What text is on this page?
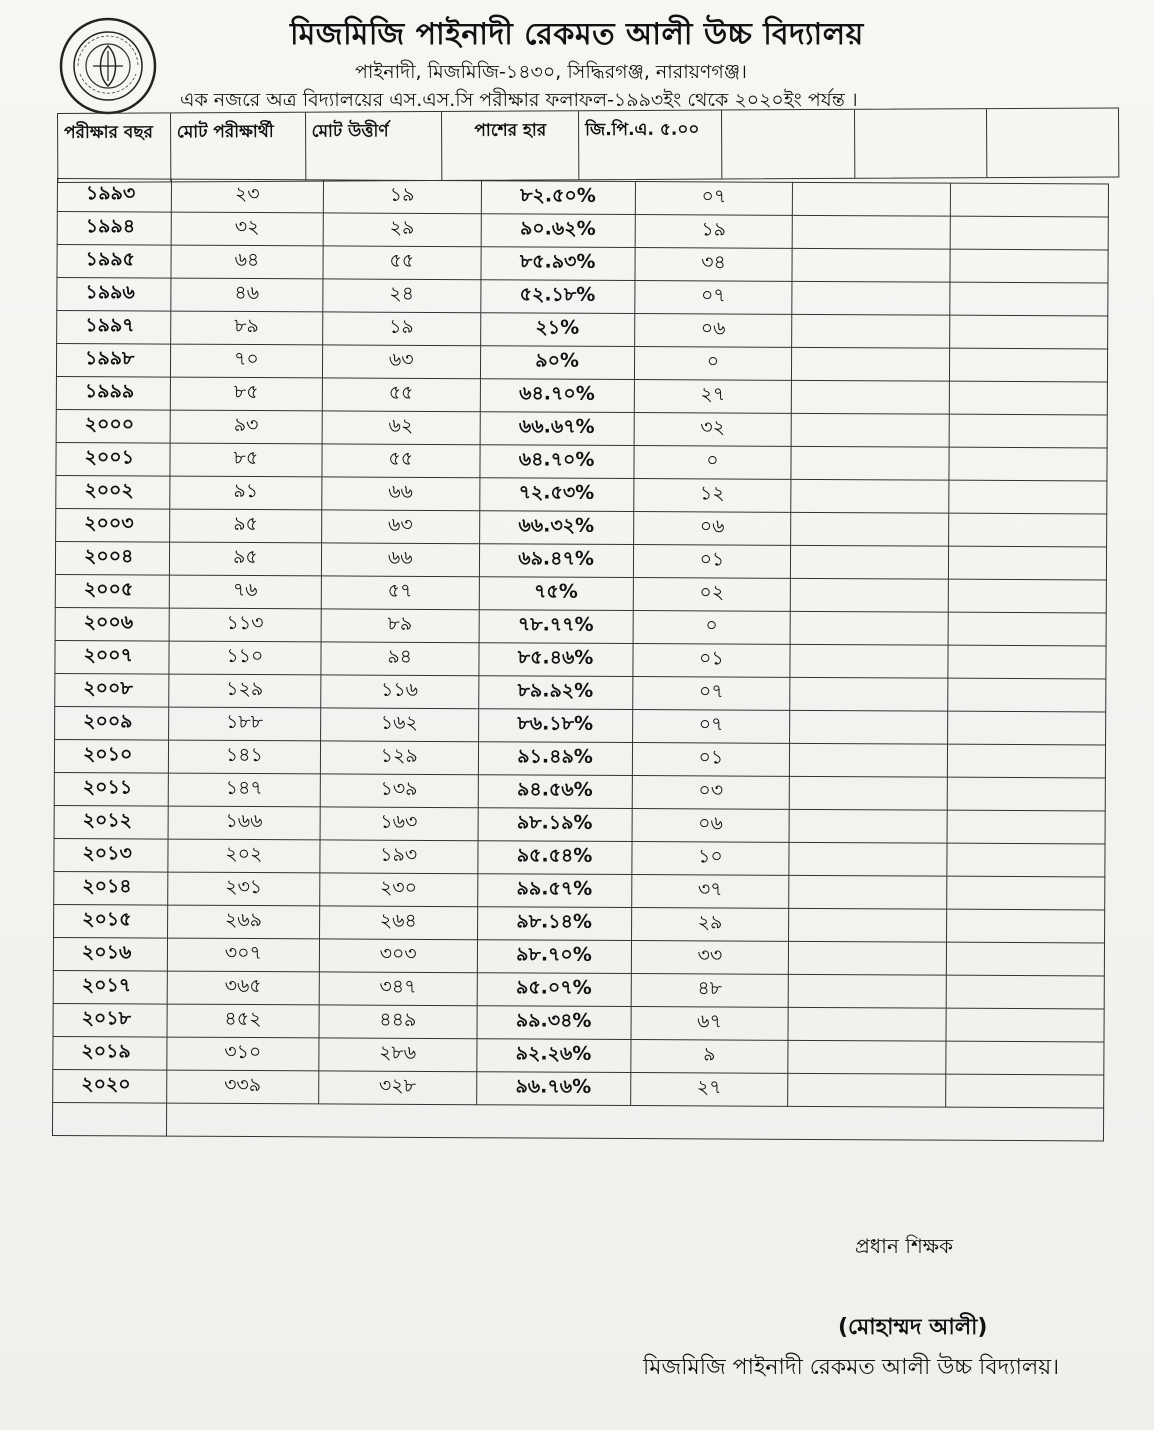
মিজমিজি পাইনাদী রেকমত আলী উচ্চ বিদ্যালয়
পাইনাদী, মিজমিজি-১৪৩০, সিদ্ধিরগঞ্জ, নারায়ণগঞ্জ।
এক নজরে অত্র বিদ্যালয়ের এস.এস.সি পরীক্ষার ফলাফল-১৯৯৩ইং থেকে ২০২০ইং পর্যন্ত ।
পরীক্ষার বছর	মোট পরীক্ষার্থী	মোট উত্তীর্ণ	পাশের হার	জি.পি.এ. ৫.০০
১৯৯৩	২৩	১৯	৮২.৫০%	০৭			
১৯৯৪	৩২	২৯	৯০.৬২%	১৯			
১৯৯৫	৬৪	৫৫	৮৫.৯৩%	৩৪			
১৯৯৬	৪৬	২৪	৫২.১৮%	০৭			
১৯৯৭	৮৯	১৯	২১%	০৬			
১৯৯৮	৭০	৬৩	৯০%	০			
১৯৯৯	৮৫	৫৫	৬৪.৭০%	২৭			
২০০০	৯৩	৬২	৬৬.৬৭%	৩২			
২০০১	৮৫	৫৫	৬৪.৭০%	০			
২০০২	৯১	৬৬	৭২.৫৩%	১২			
২০০৩	৯৫	৬৩	৬৬.৩২%	০৬			
২০০৪	৯৫	৬৬	৬৯.৪৭%	০১			
২০০৫	৭৬	৫৭	৭৫%	০২			
২০০৬	১১৩	৮৯	৭৮.৭৭%	০			
২০০৭	১১০	৯৪	৮৫.৪৬%	০১			
২০০৮	১২৯	১১৬	৮৯.৯২%	০৭			
২০০৯	১৮৮	১৬২	৮৬.১৮%	০৭			
২০১০	১৪১	১২৯	৯১.৪৯%	০১			
২০১১	১৪৭	১৩৯	৯৪.৫৬%	০৩			
২০১২	১৬৬	১৬৩	৯৮.১৯%	০৬			
২০১৩	২০২	১৯৩	৯৫.৫৪%	১০			
২০১৪	২৩১	২৩০	৯৯.৫৭%	৩৭			
২০১৫	২৬৯	২৬৪	৯৮.১৪%	২৯			
২০১৬	৩০৭	৩০৩	৯৮.৭০%	৩৩			
২০১৭	৩৬৫	৩৪৭	৯৫.০৭%	৪৮			
২০১৮	৪৫২	৪৪৯	৯৯.৩৪%	৬৭			
২০১৯	৩১০	২৮৬	৯২.২৬%	৯			
২০২০	৩৩৯	৩২৮	৯৬.৭৬%	২৭			

প্রধান শিক্ষক
(মোহাম্মদ আলী)
মিজমিজি পাইনাদী রেকমত আলী উচ্চ বিদ্যালয়।
